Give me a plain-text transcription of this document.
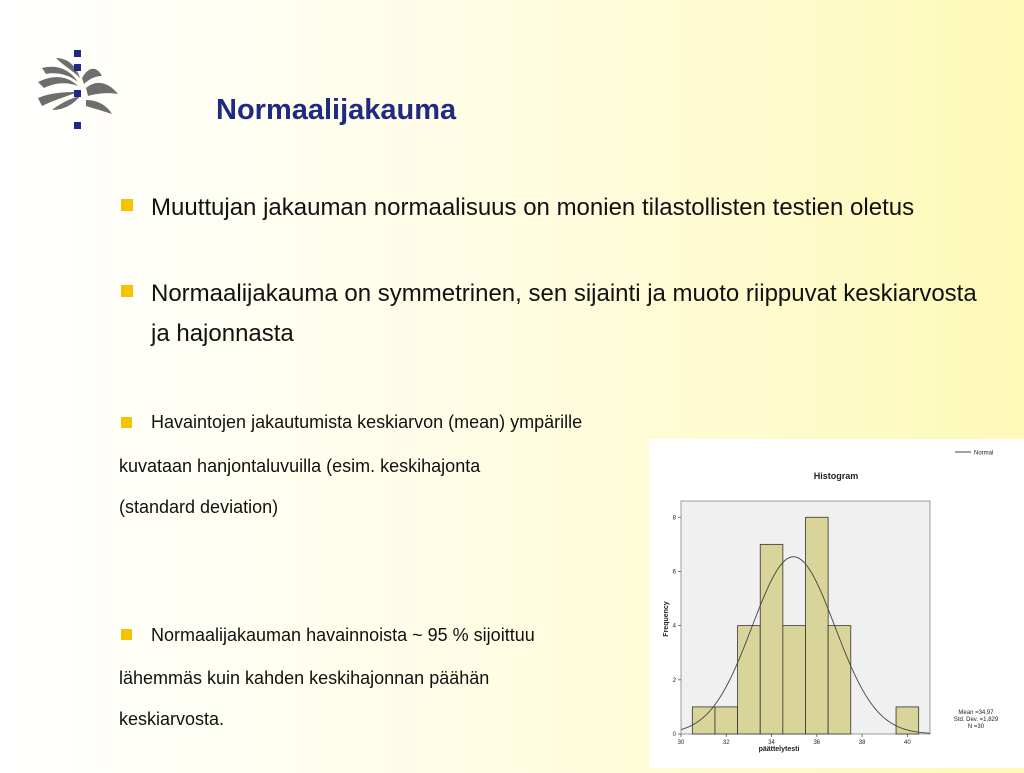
Normaalijakauma
Muuttujan jakauman normaalisuus on monien tilastollisten testien oletus
Normaalijakauma on symmetrinen, sen sijainti ja muoto riippuvat keskiarvosta ja hajonnasta
Havaintojen jakautumista keskiarvon (mean) ympärille
kuvataan hanjontaluvuilla (esim. keskihajonta
(standard deviation)
Normaalijakauman havainnoista ~ 95 % sijoittuu
lähemmäs kuin kahden keskihajonnan päähän
keskiarvosta.
Histogram
Normal
päättelytesti
Frequency
Mean =34,97
Std. Dev. =1,829
N =30
0
2
4
6
8
30	32	34	36	38	40
